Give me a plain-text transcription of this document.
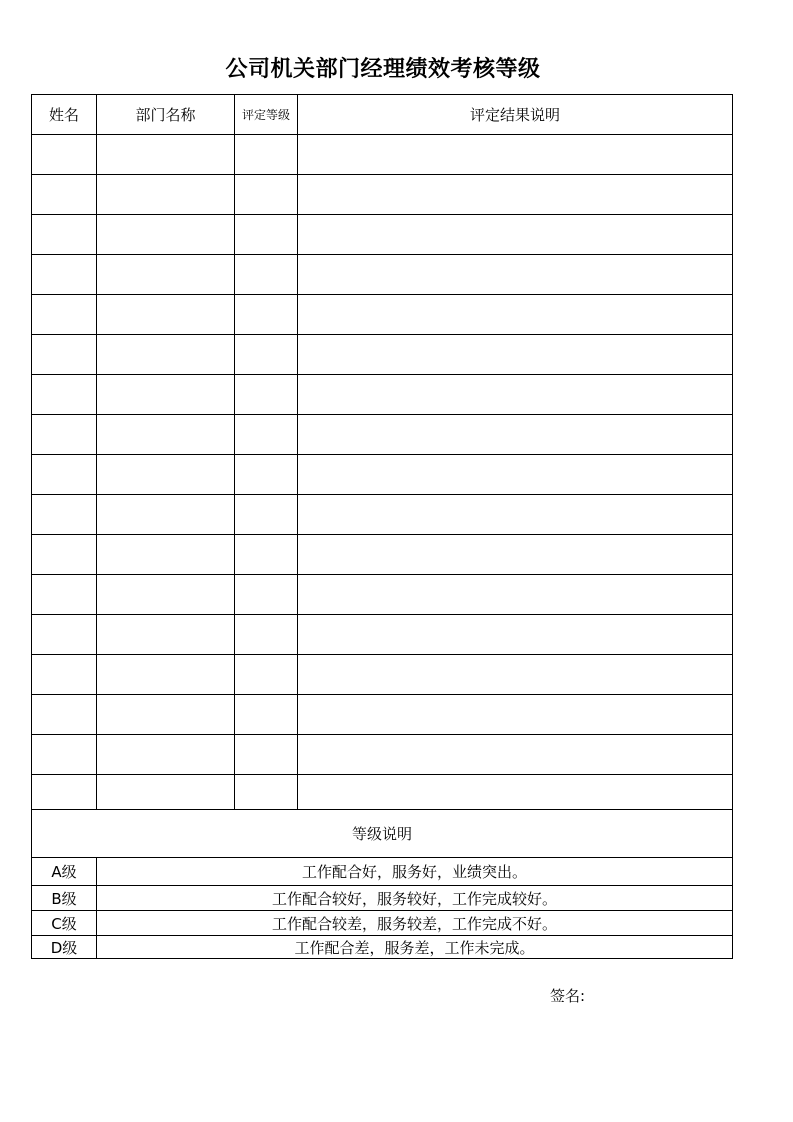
公司机关部门经理绩效考核等级
姓名	部门名称	评定等级	评定结果说明

等级说明			
A级	工作配合好，服务好，业绩突出。		
B级	工作配合较好，服务较好，工作完成较好。		
C级	工作配合较差，服务较差，工作完成不好。		
D级	工作配合差，服务差，工作未完成。		
签名:
